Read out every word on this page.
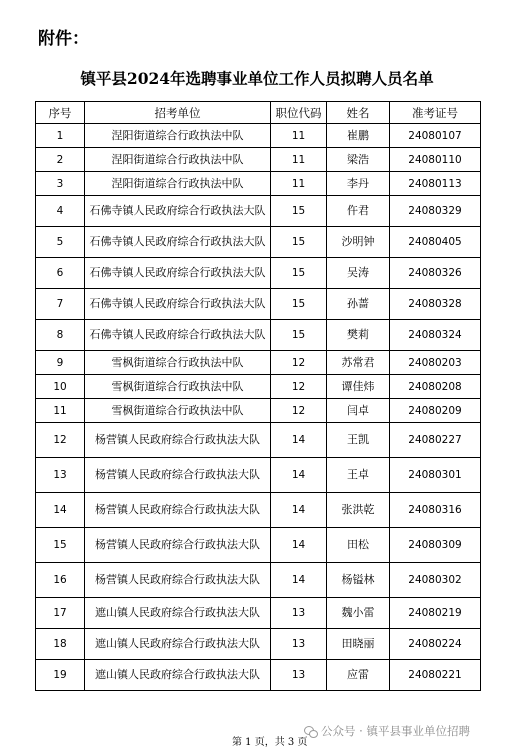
附件：
镇平县2024年选聘事业单位工作人员拟聘人员名单
序号	招考单位	职位代码	姓名	准考证号
1	涅阳街道综合行政执法中队	11	崔鹏	24080107
2	涅阳街道综合行政执法中队	11	梁浩	24080110
3	涅阳街道综合行政执法中队	11	李丹	24080113
4	石佛寺镇人民政府综合行政执法大队	15	仵君	24080329
5	石佛寺镇人民政府综合行政执法大队	15	沙明钟	24080405
6	石佛寺镇人民政府综合行政执法大队	15	吴涛	24080326
7	石佛寺镇人民政府综合行政执法大队	15	孙蔷	24080328
8	石佛寺镇人民政府综合行政执法大队	15	樊莉	24080324
9	雪枫街道综合行政执法中队	12	苏常君	24080203
10	雪枫街道综合行政执法中队	12	谭佳炜	24080208
11	雪枫街道综合行政执法中队	12	闫卓	24080209
12	杨营镇人民政府综合行政执法大队	14	王凯	24080227
13	杨营镇人民政府综合行政执法大队	14	王卓	24080301
14	杨营镇人民政府综合行政执法大队	14	张洪乾	24080316
15	杨营镇人民政府综合行政执法大队	14	田松	24080309
16	杨营镇人民政府综合行政执法大队	14	杨镒林	24080302
17	遮山镇人民政府综合行政执法大队	13	魏小雷	24080219
18	遮山镇人民政府综合行政执法大队	13	田晓丽	24080224
19	遮山镇人民政府综合行政执法大队	13	应雷	24080221
公众号 · 镇平县事业单位招聘
第 1 页，共 3 页
